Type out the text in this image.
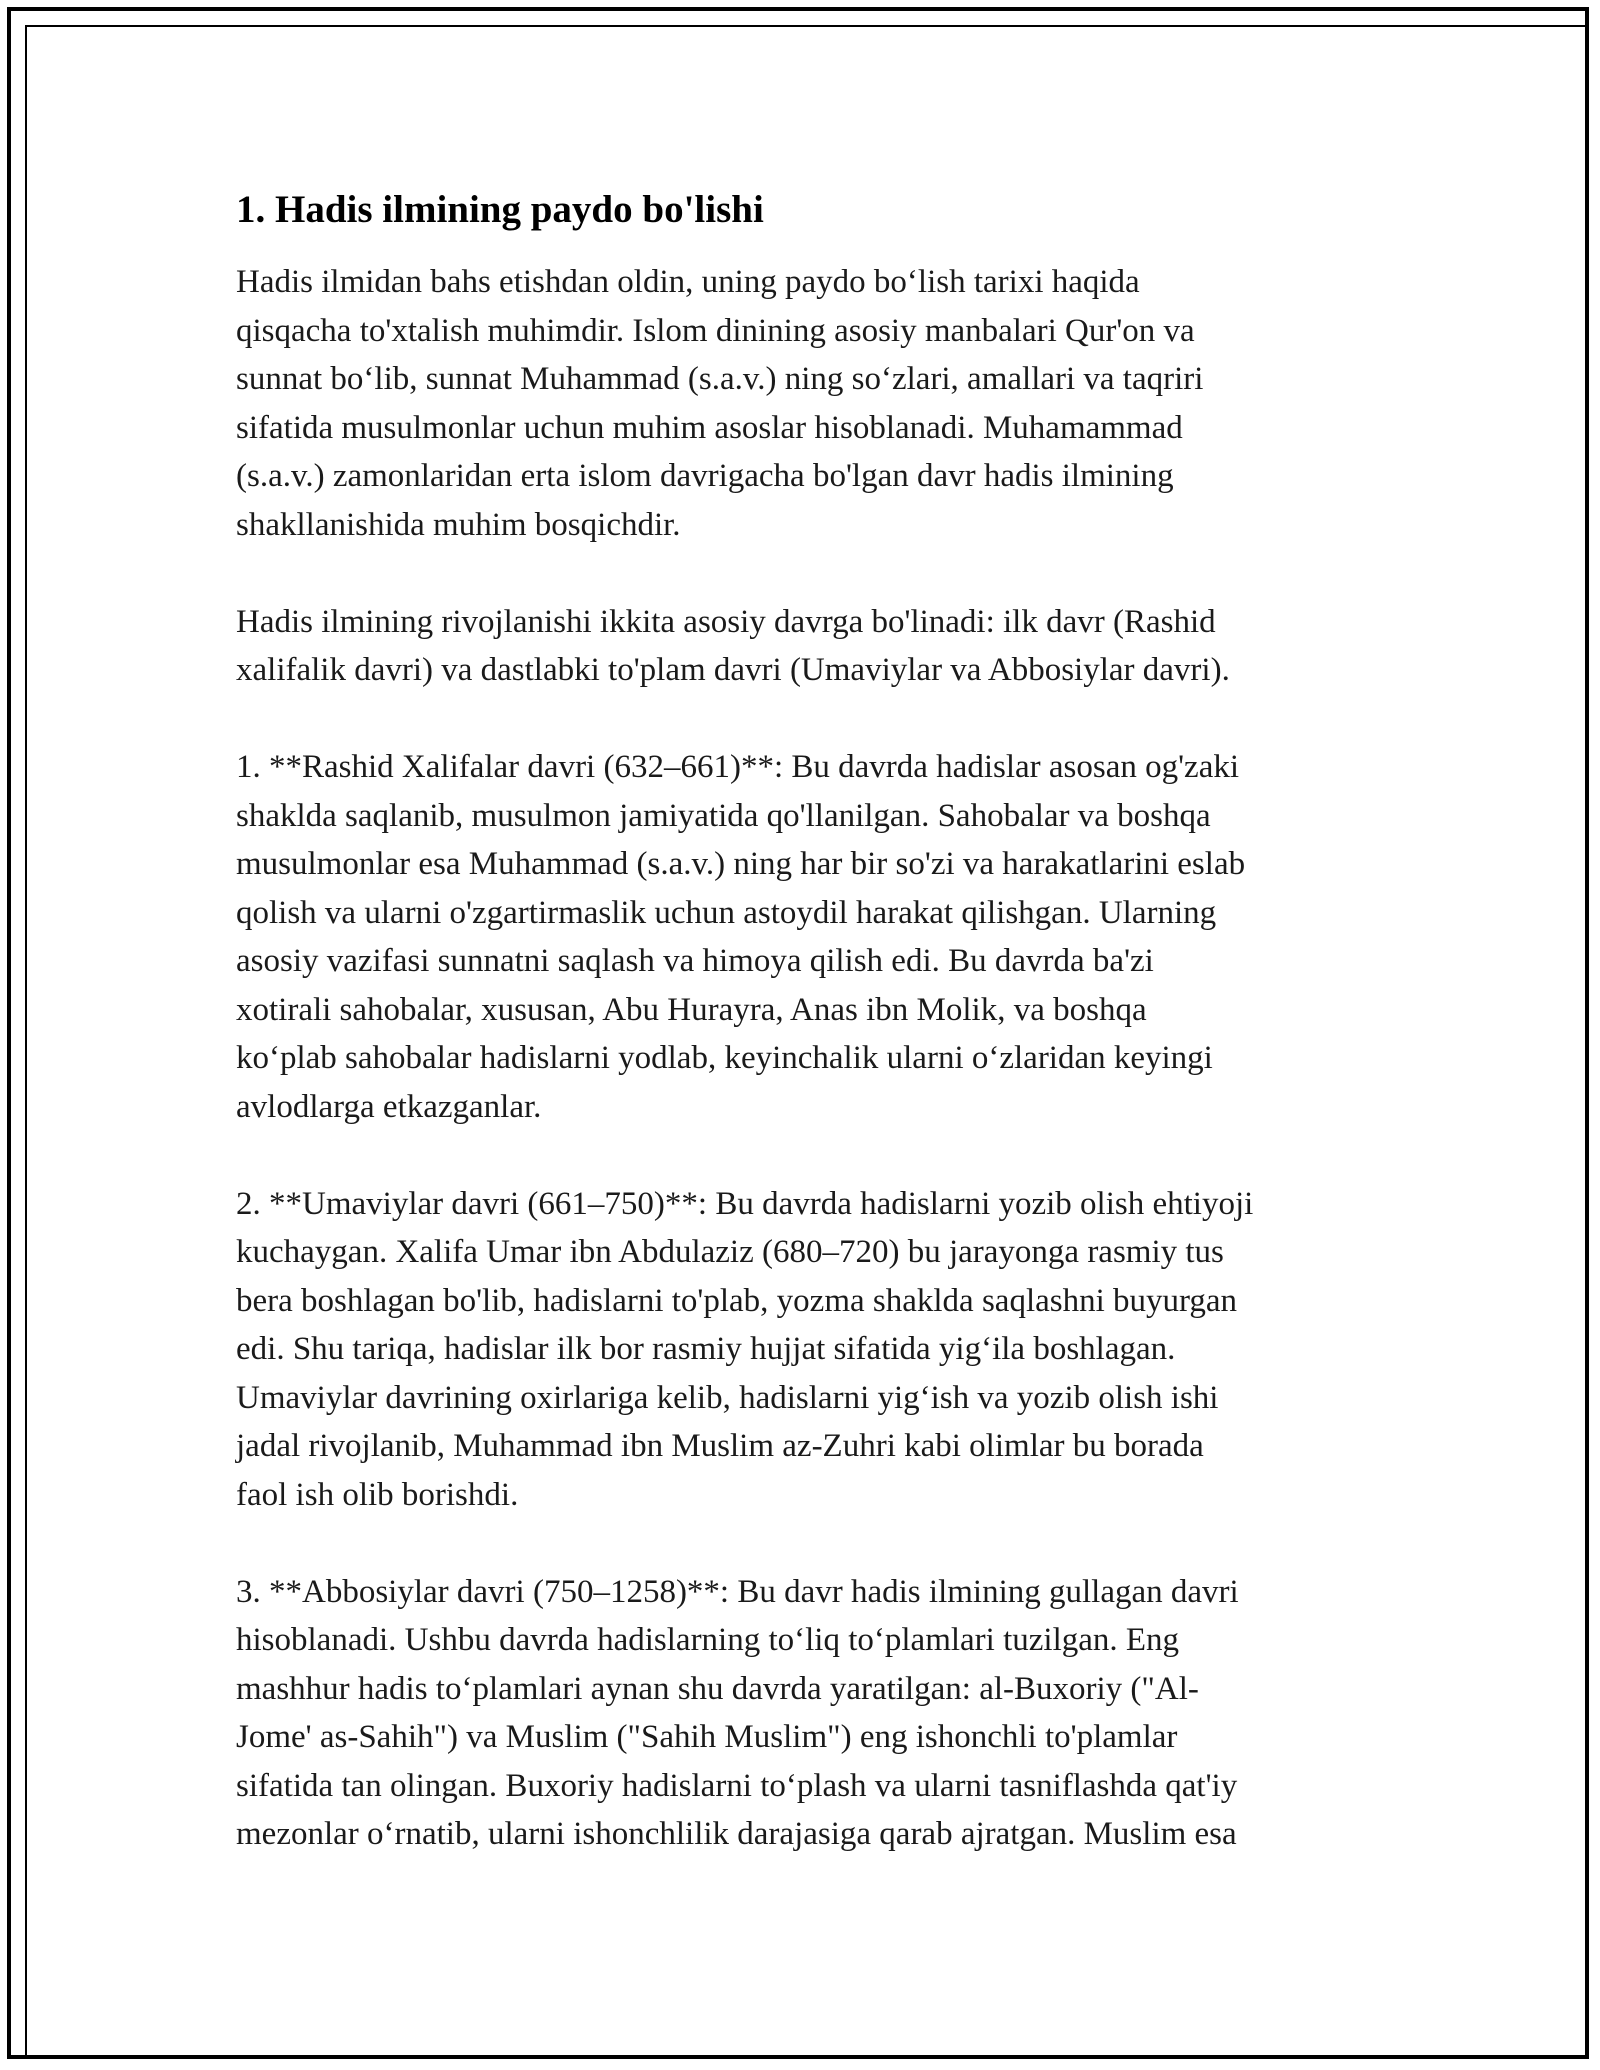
1. Hadis ilmining paydo bo'lishi

Hadis ilmidan bahs etishdan oldin, uning paydo bo‘lish tarixi haqida
qisqacha to'xtalish muhimdir. Islom dinining asosiy manbalari Qur'on va
sunnat bo‘lib, sunnat Muhammad (s.a.v.) ning so‘zlari, amallari va taqriri
sifatida musulmonlar uchun muhim asoslar hisoblanadi. Muhamammad
(s.a.v.) zamonlaridan erta islom davrigacha bo'lgan davr hadis ilmining
shakllanishida muhim bosqichdir.

Hadis ilmining rivojlanishi ikkita asosiy davrga bo'linadi: ilk davr (Rashid
xalifalik davri) va dastlabki to'plam davri (Umaviylar va Abbosiylar davri).

1. **Rashid Xalifalar davri (632–661)**: Bu davrda hadislar asosan og'zaki
shaklda saqlanib, musulmon jamiyatida qo'llanilgan. Sahobalar va boshqa
musulmonlar esa Muhammad (s.a.v.) ning har bir so'zi va harakatlarini eslab
qolish va ularni o'zgartirmaslik uchun astoydil harakat qilishgan. Ularning
asosiy vazifasi sunnatni saqlash va himoya qilish edi. Bu davrda ba'zi
xotirali sahobalar, xususan, Abu Hurayra, Anas ibn Molik, va boshqa
ko‘plab sahobalar hadislarni yodlab, keyinchalik ularni o‘zlaridan keyingi
avlodlarga etkazganlar.

2. **Umaviylar davri (661–750)**: Bu davrda hadislarni yozib olish ehtiyoji
kuchaygan. Xalifa Umar ibn Abdulaziz (680–720) bu jarayonga rasmiy tus
bera boshlagan bo'lib, hadislarni to'plab, yozma shaklda saqlashni buyurgan
edi. Shu tariqa, hadislar ilk bor rasmiy hujjat sifatida yig‘ila boshlagan.
Umaviylar davrining oxirlariga kelib, hadislarni yig‘ish va yozib olish ishi
jadal rivojlanib, Muhammad ibn Muslim az-Zuhri kabi olimlar bu borada
faol ish olib borishdi.

3. **Abbosiylar davri (750–1258)**: Bu davr hadis ilmining gullagan davri
hisoblanadi. Ushbu davrda hadislarning to‘liq to‘plamlari tuzilgan. Eng
mashhur hadis to‘plamlari aynan shu davrda yaratilgan: al-Buxoriy ("Al-
Jome' as-Sahih") va Muslim ("Sahih Muslim") eng ishonchli to'plamlar
sifatida tan olingan. Buxoriy hadislarni to‘plash va ularni tasniflashda qat'iy
mezonlar o‘rnatib, ularni ishonchlilik darajasiga qarab ajratgan. Muslim esa
